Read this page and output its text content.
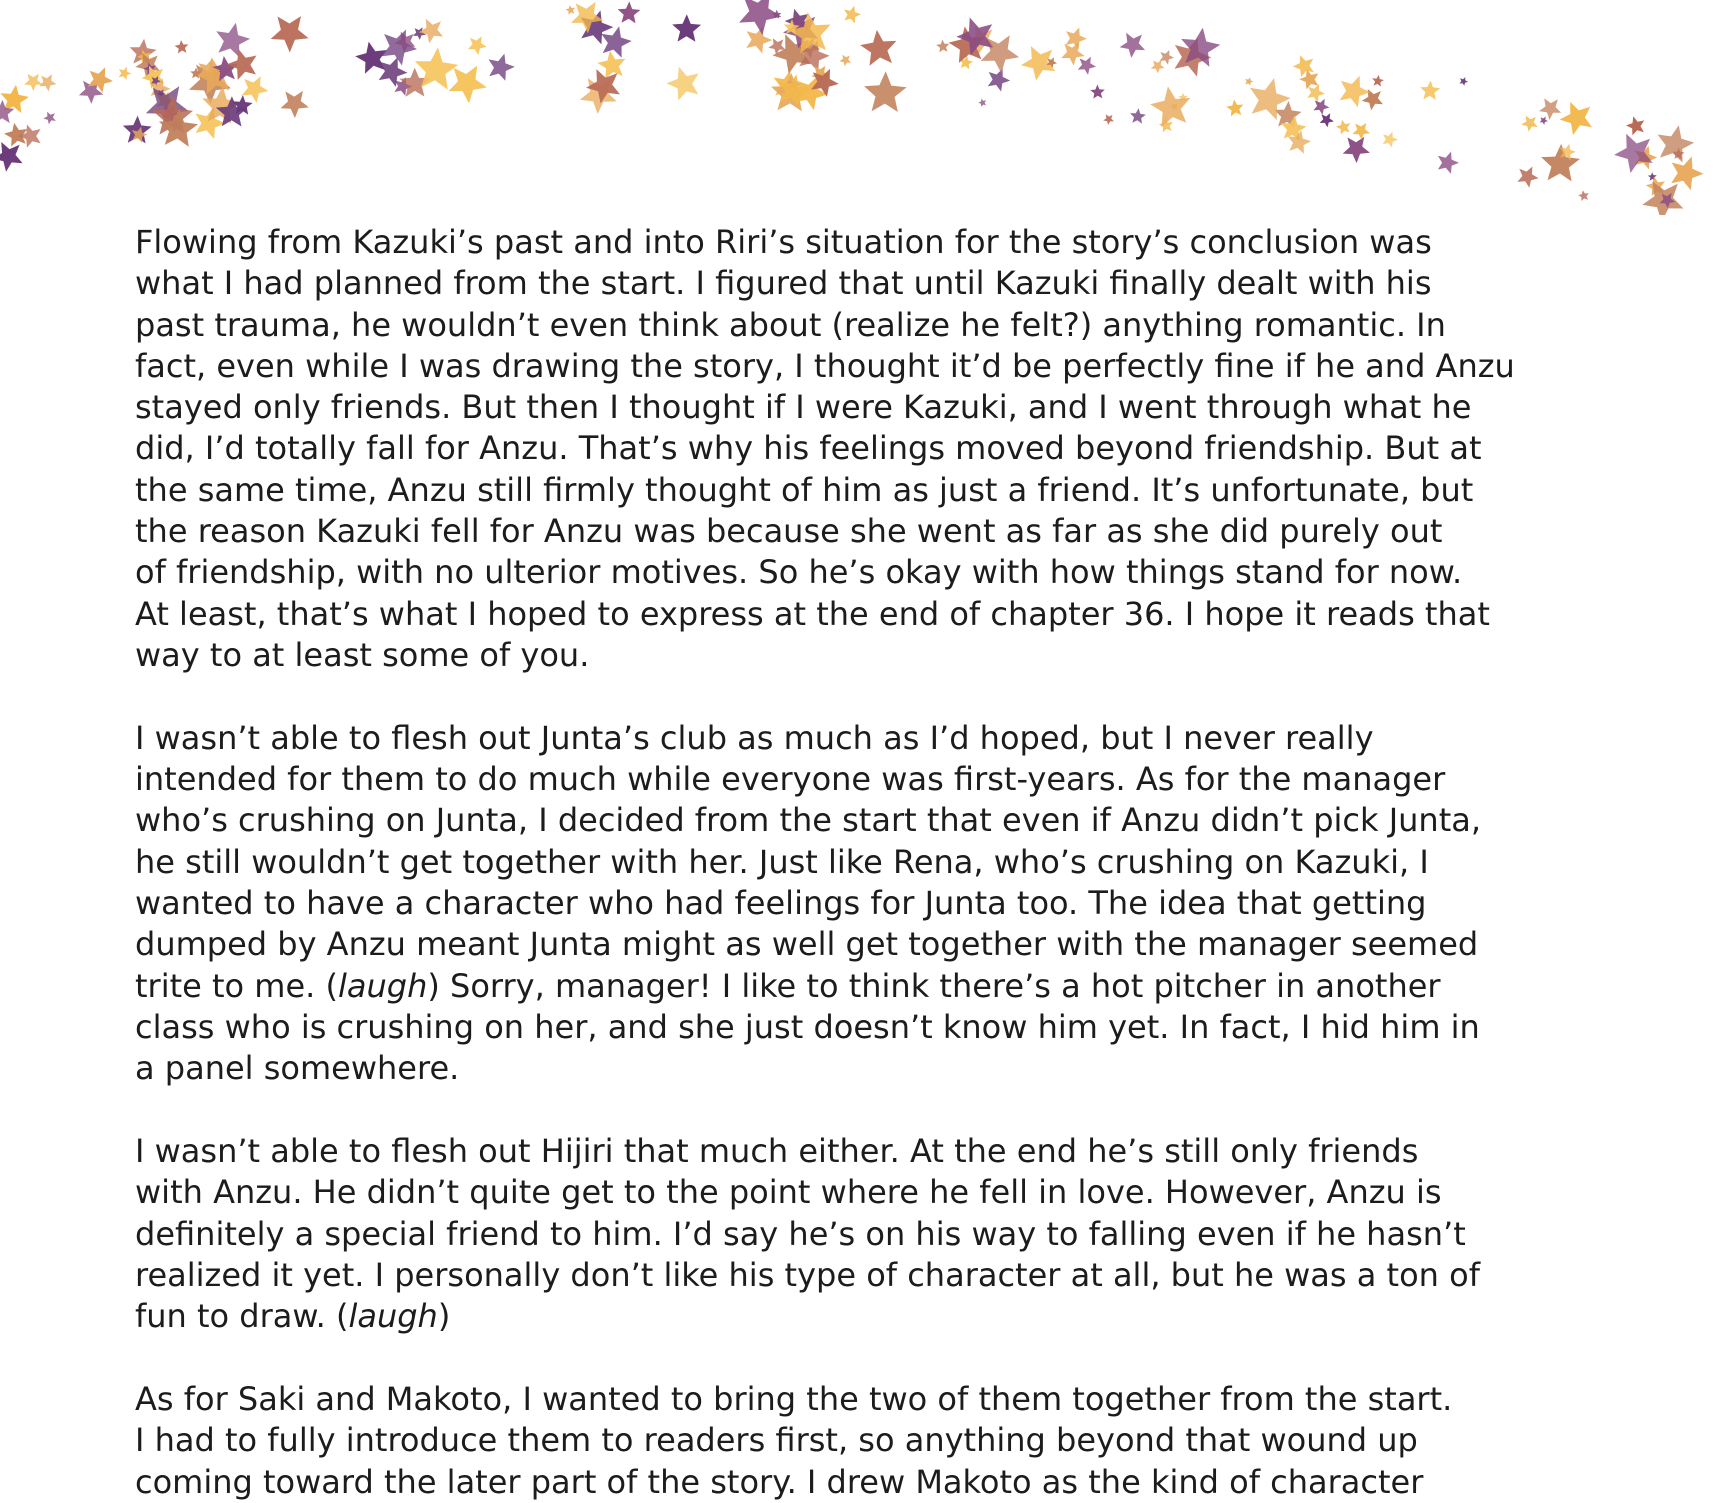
Flowing from Kazuki’s past and into Riri’s situation for the story’s conclusion was
what I had planned from the start. I figured that until Kazuki finally dealt with his
past trauma, he wouldn’t even think about (realize he felt?) anything romantic. In
fact, even while I was drawing the story, I thought it’d be perfectly fine if he and Anzu
stayed only friends. But then I thought if I were Kazuki, and I went through what he
did, I’d totally fall for Anzu. That’s why his feelings moved beyond friendship. But at
the same time, Anzu still firmly thought of him as just a friend. It’s unfortunate, but
the reason Kazuki fell for Anzu was because she went as far as she did purely out
of friendship, with no ulterior motives. So he’s okay with how things stand for now.
At least, that’s what I hoped to express at the end of chapter 36. I hope it reads that
way to at least some of you.
I wasn’t able to flesh out Junta’s club as much as I’d hoped, but I never really
intended for them to do much while everyone was first-years. As for the manager
who’s crushing on Junta, I decided from the start that even if Anzu didn’t pick Junta,
he still wouldn’t get together with her. Just like Rena, who’s crushing on Kazuki, I
wanted to have a character who had feelings for Junta too. The idea that getting
dumped by Anzu meant Junta might as well get together with the manager seemed
trite to me. (laugh) Sorry, manager! I like to think there’s a hot pitcher in another
class who is crushing on her, and she just doesn’t know him yet. In fact, I hid him in
a panel somewhere.
I wasn’t able to flesh out Hijiri that much either. At the end he’s still only friends
with Anzu. He didn’t quite get to the point where he fell in love. However, Anzu is
definitely a special friend to him. I’d say he’s on his way to falling even if he hasn’t
realized it yet. I personally don’t like his type of character at all, but he was a ton of
fun to draw. (laugh)
As for Saki and Makoto, I wanted to bring the two of them together from the start.
I had to fully introduce them to readers first, so anything beyond that wound up
coming toward the later part of the story. I drew Makoto as the kind of character
